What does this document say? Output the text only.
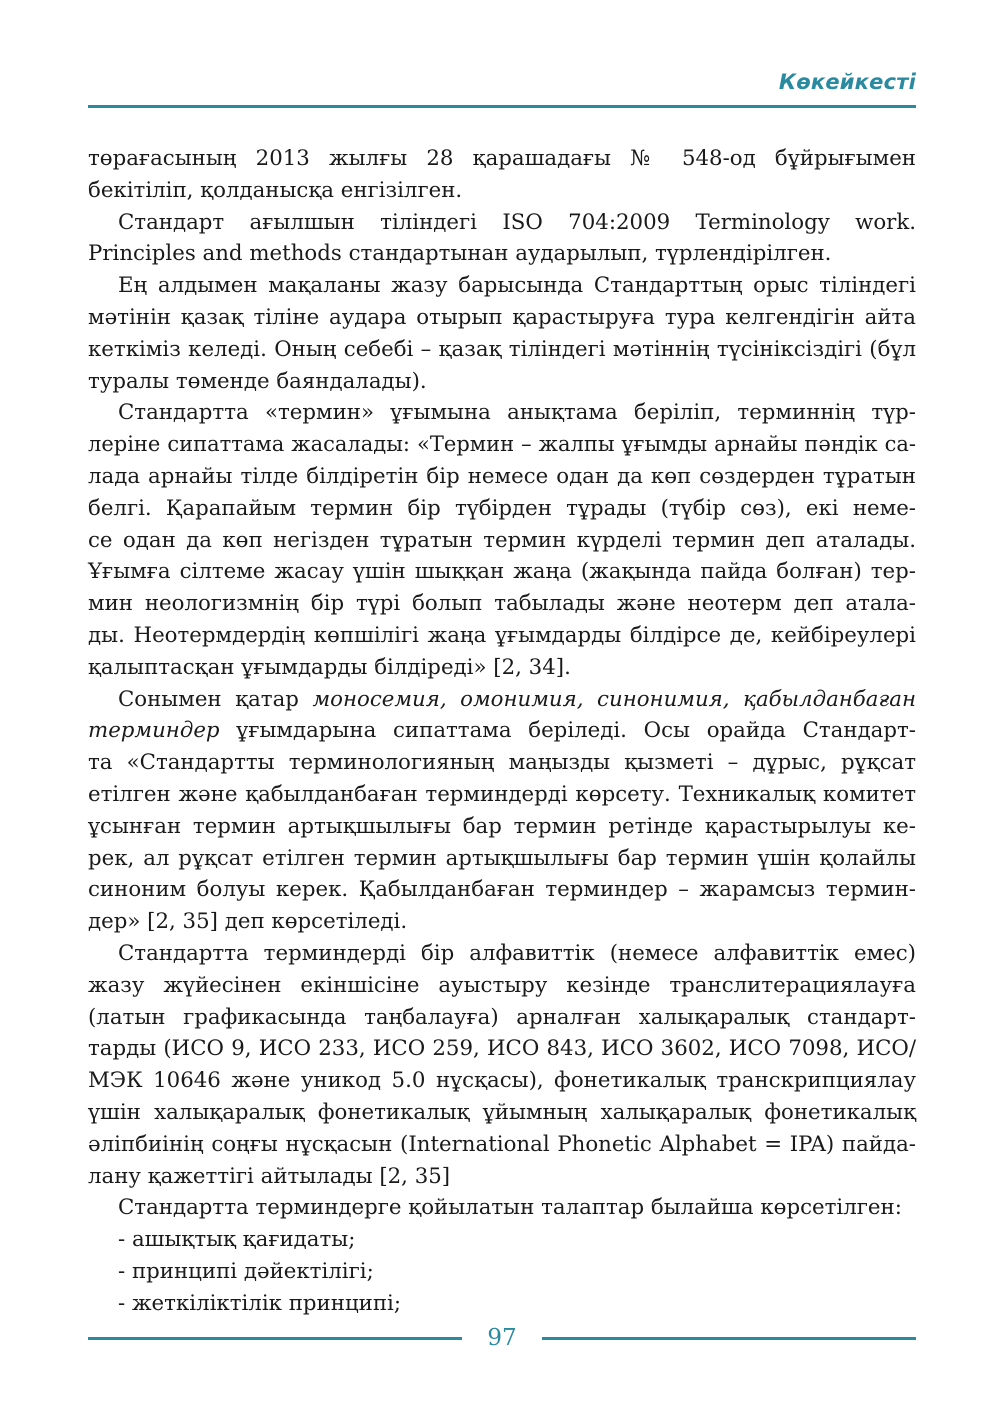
Көкейкесті
төрағасының 2013 жылғы 28 қарашадағы № 548-од бұйрығымен
бекітіліп, қолданысқа енгізілген.
Стандарт ағылшын тіліндегі ISO 704:2009 Terminology work.
Principles and methods стандартынан аударылып, түрлендірілген.
Ең алдымен мақаланы жазу барысында Стандарттың орыс тіліндегі
мәтінін қазақ тіліне аудара отырып қарастыруға тура келгендігін айта
кеткіміз келеді. Оның себебі – қазақ тіліндегі мәтіннің түсініксіздігі (бұл
туралы төменде баяндалады).
Стандартта «термин» ұғымына анықтама беріліп, терминнің түр-
леріне сипаттама жасалады: «Термин – жалпы ұғымды арнайы пәндік са-
лада арнайы тілде білдіретін бір немесе одан да көп сөздерден тұратын
белгі. Қарапайым термин бір түбірден тұрады (түбір сөз), екі неме-
се одан да көп негізден тұратын термин күрделі термин деп аталады.
Ұғымға сілтеме жасау үшін шыққан жаңа (жақында пайда болған) тер-
мин неологизмнің бір түрі болып табылады және неотерм деп атала-
ды. Неотермдердің көпшілігі жаңа ұғымдарды білдірсе де, кейбіреулері
қалыптасқан ұғымдарды білдіреді» [2, 34].
Сонымен қатар моносемия, омонимия, синонимия, қабылданбаған
терминдер ұғымдарына сипаттама беріледі. Осы орайда Стандарт-
та «Стандартты терминологияның маңызды қызметі – дұрыс, рұқсат
етілген және қабылданбаған терминдерді көрсету. Техникалық комитет
ұсынған термин артықшылығы бар термин ретінде қарастырылуы ке-
рек, ал рұқсат етілген термин артықшылығы бар термин үшін қолайлы
синоним болуы керек. Қабылданбаған терминдер – жарамсыз термин-
дер» [2, 35] деп көрсетіледі.
Стандартта терминдерді бір алфавиттік (немесе алфавиттік емес)
жазу жүйесінен екіншісіне ауыстыру кезінде транслитерациялауға
(латын графикасында таңбалауға) арналған халықаралық стандарт-
тарды (ИСО 9, ИСО 233, ИСО 259, ИСО 843, ИСО 3602, ИСО 7098, ИСО/
МЭК 10646 және уникод 5.0 нұсқасы), фонетикалық транскрипциялау
үшін халықаралық фонетикалық ұйымның халықаралық фонетикалық
әліпбиінің соңғы нұсқасын (International Phonetic Alphabet = IPA) пайда-
лану қажеттігі айтылады [2, 35]
Стандартта терминдерге қойылатын талаптар былайша көрсетілген:
- ашықтық қағидаты;
- принципі дәйектілігі;
- жеткіліктілік принципі;
97
